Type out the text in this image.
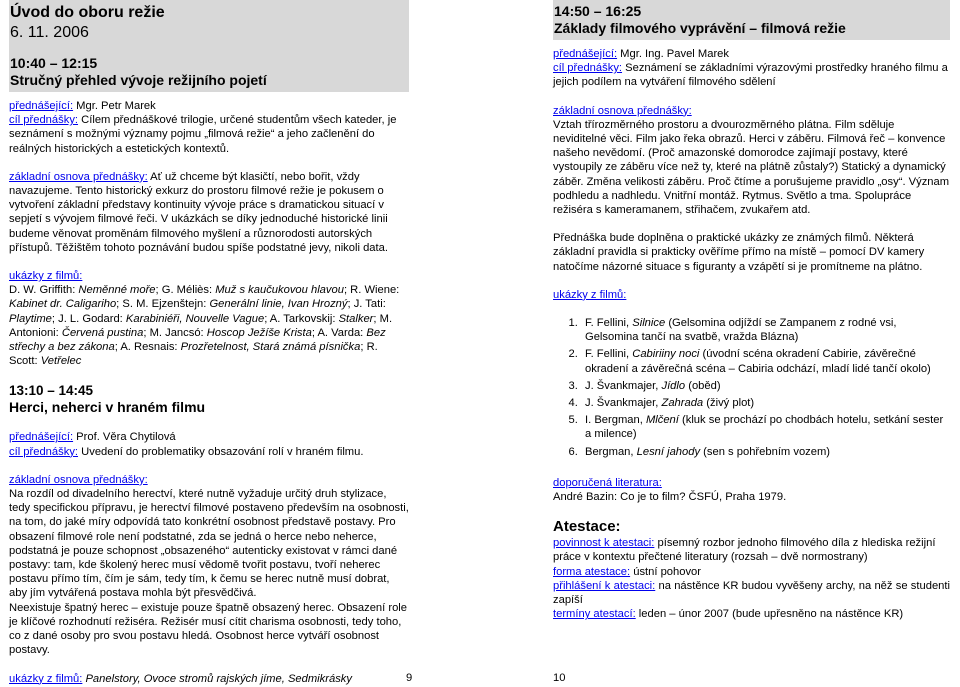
Úvod do oboru režie
6. 11. 2006
10:40 – 12:15
Stručný přehled vývoje režijního pojetí

přednášející: Mgr. Petr Marek

cíl přednášky: Cílem přednáškové trilogie, určené studentům všech kateder, je seznámení s možnými významy pojmu „filmová režie“ a jeho začlenění do reálných historických a estetických kontextů.

základní osnova přednášky: Ať už chceme být klasičtí, nebo bořit, vždy navazujeme. Tento historický exkurz do prostoru filmové režie je pokusem o vytvoření základní představy kontinuity vývoje práce s dramatickou situací v sepjetí s vývojem filmové řeči. V ukázkách se díky jednoduché historické linii budeme věnovat proměnám filmového myšlení a různorodosti autorských přístupů. Těžištěm tohoto poznávání budou spíše podstatné jevy, nikoli data.

ukázky z filmů:

D. W. Griffith: Neměnné moře; G. Méliès: Muž s kaučukovou hlavou; R. Wiene: Kabinet dr. Caligariho; S. M. Ejzenštejn: Generální linie, Ivan Hrozný; J. Tati: Playtime; J. L. Godard: Karabiniéři, Nouvelle Vague; A. Tarkovskij: Stalker; M. Antonioni: Červená pustina; M. Jancsó: Hoscop Ježíše Krista; A. Varda: Bez střechy a bez zákona; A. Resnais: Prozřetelnost, Stará známá písnička; R. Scott: Vetřelec

13:10 – 14:45
Herci, neherci v hraném filmu

přednášející: Prof. Věra Chytilová

cíl přednášky: Uvedení do problematiky obsazování rolí v hraném filmu.

základní osnova přednášky:

Na rozdíl od divadelního herectví, které nutně vyžaduje určitý druh stylizace, tedy specifickou přípravu, je herectví filmové postaveno především na osobnosti, na tom, do jaké míry odpovídá tato konkrétní osobnost představě postavy. Pro obsazení filmové role není podstatné, zda se jedná o herce nebo neherce, podstatná je pouze schopnost „obsazeného“ autenticky existovat v rámci dané postavy: tam, kde školený herec musí vědomě tvořit postavu, tvoří neherec postavu přímo tím, čím je sám, tedy tím, k čemu se herec nutně musí dobrat, aby jím vytvářená postava mohla být přesvědčivá.

Neexistuje špatný herec – existuje pouze špatně obsazený herec. Obsazení role je klíčové rozhodnutí režiséra. Režisér musí cítit charisma osobnosti, tedy toho, co z dané osoby pro svou postavu hledá. Osobnost herce vytváří osobnost postavy.

ukázky z filmů: Panelstory, Ovoce stromů rajských jíme, Sedmikrásky	9
14:50 – 16:25
Základy filmového vyprávění – filmová režie

přednášející: Mgr. Ing. Pavel Marek

cíl přednášky: Seznámení se základními výrazovými prostředky hraného filmu a jejich podílem na vytváření filmového sdělení

základní osnova přednášky:

Vztah třírozměrného prostoru a dvourozměrného plátna. Film sděluje neviditelné věci. Film jako řeka obrazů. Herci v záběru. Filmová řeč – konvence našeho nevědomí. (Proč amazonské domorodce zajímají postavy, které vystoupily ze záběru více než ty, které na plátně zůstaly?) Statický a dynamický záběr. Změna velikosti záběru. Proč čtíme a porušujeme pravidlo „osy“. Význam podhledu a nadhledu. Vnitřní montáž. Rytmus. Světlo a tma. Spolupráce režiséra s kameramanem, střihačem, zvukařem atd.

Přednáška bude doplněna o praktické ukázky ze známých filmů. Některá základní pravidla si prakticky ověříme přímo na místě – pomocí DV kamery natočíme názorné situace s figuranty a vzápětí si je promítneme na plátno.

ukázky z filmů:

1. F. Fellini, Silnice (Gelsomina odjíždí se Zampanem z rodné vsi, Gelsomina tančí na svatbě, vražda Blázna)
2. F. Fellini, Cabiriiny noci (úvodní scéna okradení Cabirie, závěrečné okradení a závěrečná scéna – Cabiria odchází, mladí lidé tančí okolo)
3. J. Švankmajer, Jídlo (oběd)
4. J. Švankmajer, Zahrada (živý plot)
5. I. Bergman, Mlčení (kluk se prochází po chodbách hotelu, setkání sester a milence)
6. Bergman, Lesní jahody (sen s pohřebním vozem)

doporučená literatura:

André Bazin: Co je to film? ČSFÚ, Praha 1979.

Atestace:

povinnost k atestaci: písemný rozbor jednoho filmového díla z hlediska režijní práce v kontextu přečtené literatury (rozsah – dvě normostrany)

forma atestace: ústní pohovor

přihlášení k atestaci: na nástěnce KR budou vyvěšeny archy, na něž se studenti zapíší

termíny atestací: leden – únor 2007 (bude upřesněno na nástěnce KR)

10
